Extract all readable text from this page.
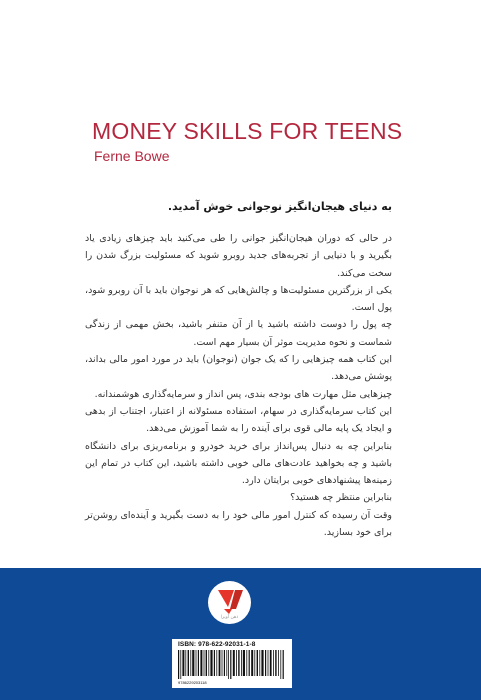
MONEY SKILLS FOR TEENS
Ferne Bowe
به دنیای هیجان‌انگیز نوجوانی خوش آمدید.

در حالی که دوران هیجان‌انگیز جوانی را طی می‌کنید باید چیزهای زیادی یاد بگیرید و با دنیایی از تجربه‌های جدید روبرو شوید که مسئولیت بزرگ شدن را سخت می‌کند.

یکی از بزرگترین مسئولیت‌ها و چالش‌هایی که هر نوجوان باید با آن روبرو شود، پول است.

چه پول را دوست داشته باشید یا از آن متنفر باشید، بخش مهمی از زندگی شماست و نحوه مدیریت موثر آن بسیار مهم است.

این کتاب همه چیزهایی را که یک جوان (نوجوان) باید در مورد امور مالی بداند، پوشش می‌دهد.

چیزهایی مثل مهارت های بودجه بندی، پس انداز و سرمایه‌گذاری هوشمندانه.

این کتاب سرمایه‌گذاری در سهام، استفاده مسئولانه از اعتبار، اجتناب از بدهی و ایجاد یک پایه مالی قوی برای آینده را به شما آموزش می‌دهد.

بنابراین چه به دنبال پس‌انداز برای خرید خودرو و برنامه‌ریزی برای دانشگاه باشید و چه بخواهید عادت‌های مالی خوبی داشته باشید، این کتاب در تمام این زمینه‌ها پیشنهادهای خوبی برایتان دارد.

بنابراین منتظر چه هستید؟

وقت آن رسیده که کنترل امور مالی خود را به دست بگیرید و آینده‌ای روشن‌تر برای خود بسازید.

ذهن آویزا
ISBN: 978-622-92031-1-8
9786229203118
